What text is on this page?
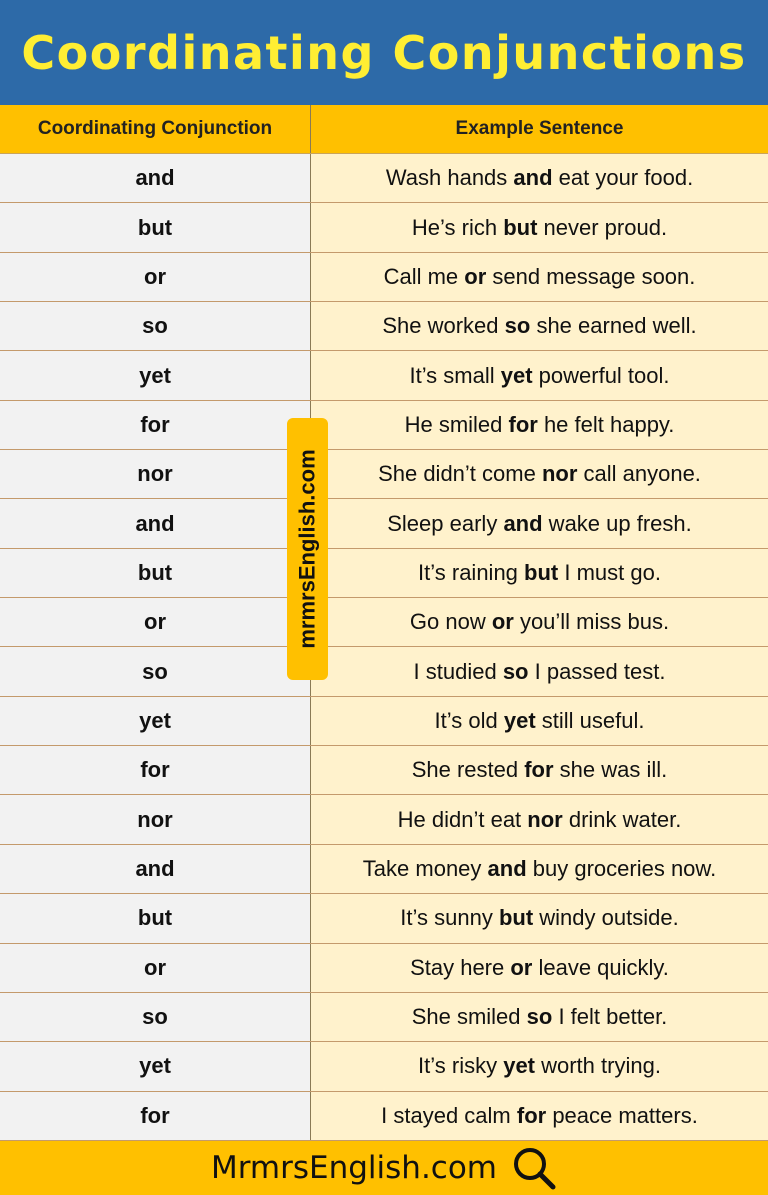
Coordinating Conjunctions
Coordinating Conjunction	Example Sentence
and	Wash hands and eat your food.
but	He’s rich but never proud.
or	Call me or send message soon.
so	She worked so she earned well.
yet	It’s small yet powerful tool.
for	He smiled for he felt happy.
nor	She didn’t come nor call anyone.
and	Sleep early and wake up fresh.
but	It’s raining but I must go.
or	Go now or you’ll miss bus.
so	I studied so I passed test.
yet	It’s old yet still useful.
for	She rested for she was ill.
nor	He didn’t eat nor drink water.
and	Take money and buy groceries now.
but	It’s sunny but windy outside.
or	Stay here or leave quickly.
so	She smiled so I felt better.
yet	It’s risky yet worth trying.
for	I stayed calm for peace matters.
mrmrsEnglish.com
MrmrsEnglish.com
